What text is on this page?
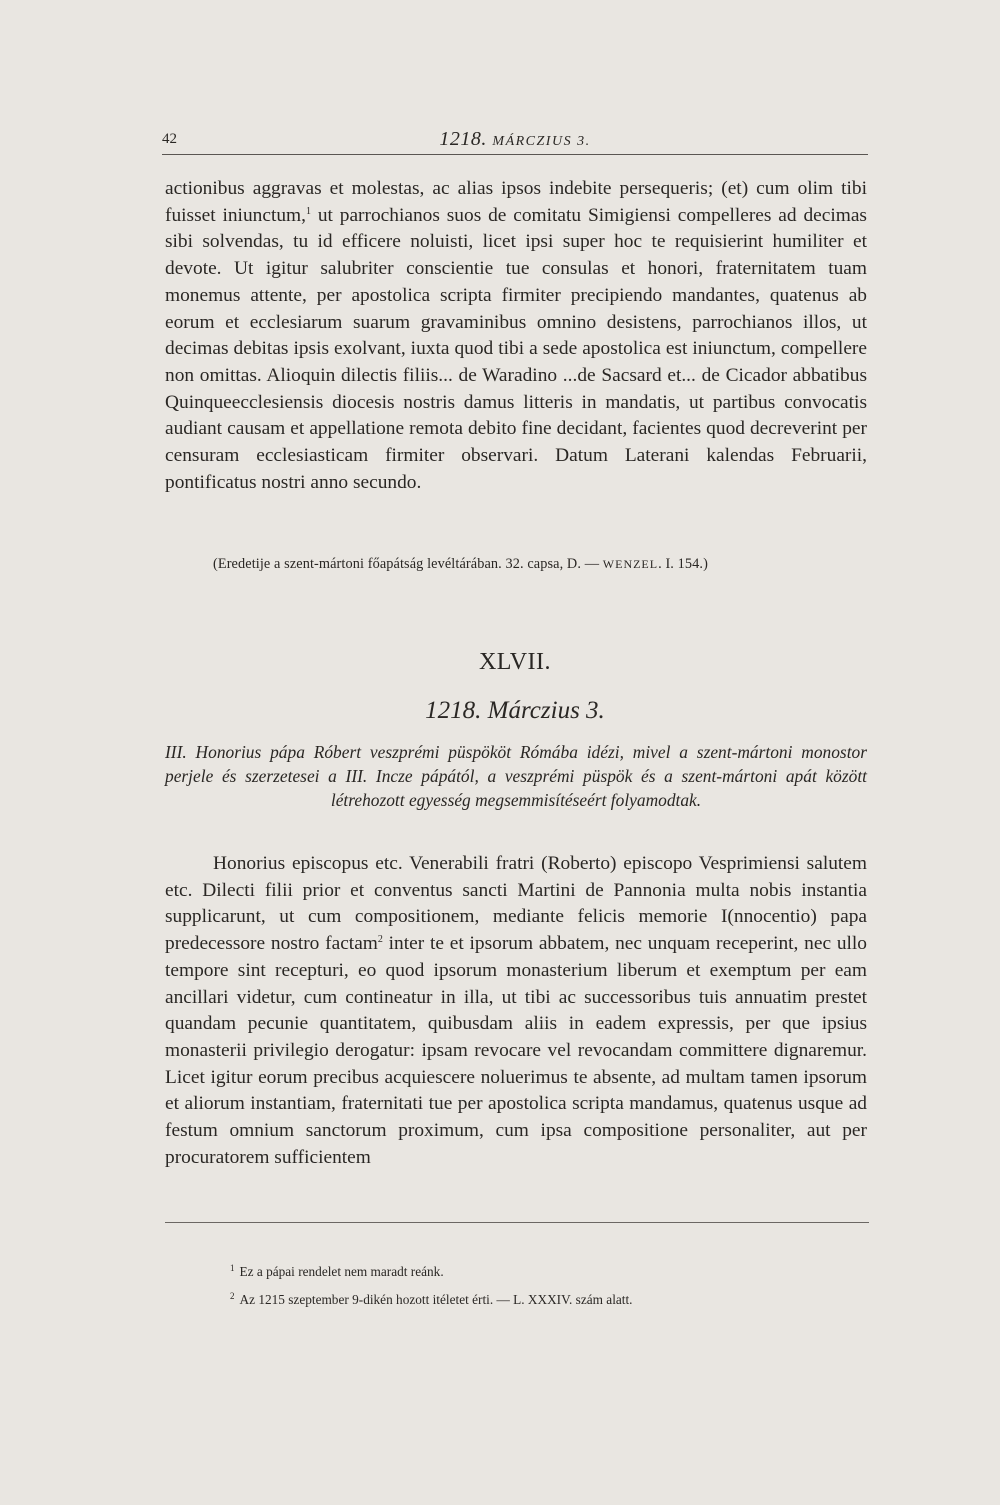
42	1218. MÁRCZIUS 3.

actionibus aggravas et molestas, ac alias ipsos indebite persequeris; (et) cum olim tibi fuisset iniunctum,$^1$ ut parrochianos suos de comitatu Simigiensi compelleres ad decimas sibi solvendas, tu id efficere noluisti, licet ipsi super hoc te requisierint humiliter et devote. Ut igitur salubriter conscientie tue consulas et honori, fraternitatem tuam monemus attente, per apostolica scripta firmiter precipiendo mandantes, quatenus ab eorum et ecclesiarum suarum gravaminibus omnino desistens, parrochianos illos, ut decimas debitas ipsis exolvant, iuxta quod tibi a sede apostolica est iniunctum, compellere non omittas. Alioquin dilectis filiis... de Waradino ...de Sacsard et... de Cicador abbatibus Quinqueecclesiensis diocesis nostris damus litteris in mandatis, ut partibus convocatis audiant causam et appellatione remota debito fine decidant, facientes quod decreverint per censuram ecclesiasticam firmiter observari. Datum Laterani kalendas Februarii, pontificatus nostri anno secundo.

(Eredetije a szent-mártoni főapátság levéltárában. 32. capsa, D. — WENZEL. I. 154.)
XLVII.
1218. Márczius 3.
III. Honorius pápa Róbert veszprémi püspököt Rómába idézi, mivel a szent-mártoni monostor perjele és szerzetesei a III. Incze pápától, a veszprémi püspök és a szent-mártoni apát között létrehozott egyesség megsemmisítéseért folyamodtak.

Honorius episcopus etc. Venerabili fratri (Roberto) episcopo Vesprimiensi salutem etc. Dilecti filii prior et conventus sancti Martini de Pannonia multa nobis instantia supplicarunt, ut cum compositionem, mediante felicis memorie I(nnocentio) papa predecessore nostro factam$^2$ inter te et ipsorum abbatem, nec unquam receperint, nec ullo tempore sint recepturi, eo quod ipsorum monasterium liberum et exemptum per eam ancillari videtur, cum contineatur in illa, ut tibi ac successoribus tuis annuatim prestet quandam pecunie quantitatem, quibusdam aliis in eadem expressis, per que ipsius monasterii privilegio derogatur: ipsam revocare vel revocandam committere dignaremur. Licet igitur eorum precibus acquiescere noluerimus te absente, ad multam tamen ipsorum et aliorum instantiam, fraternitati tue per apostolica scripta mandamus, quatenus usque ad festum omnium sanctorum proximum, cum ipsa compositione personaliter, aut per procuratorem sufficientem

$^1$ Ez a pápai rendelet nem maradt reánk.
$^2$ Az 1215 szeptember 9-dikén hozott itéletet érti. — L. XXXIV. szám alatt.
